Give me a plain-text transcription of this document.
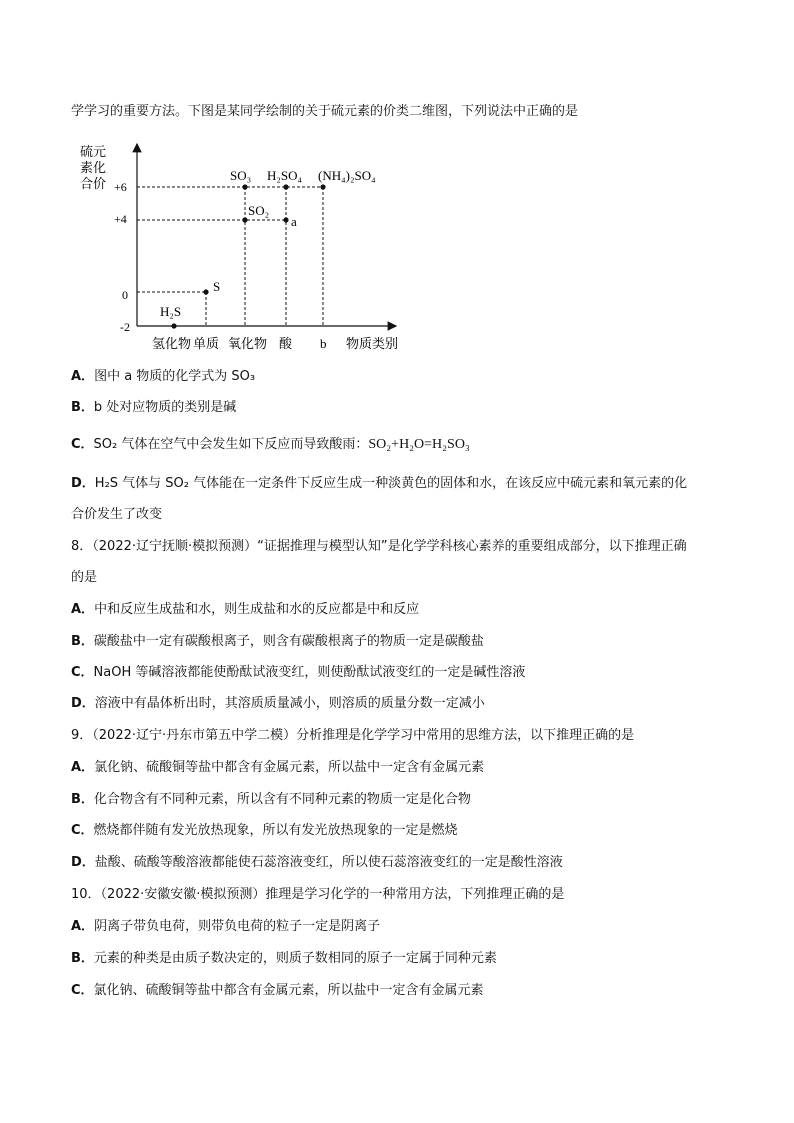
学学习的重要方法。下图是某同学绘制的关于硫元素的价类二维图，下列说法中正确的是
硫元
素化
合价 +6
+4
0
-2
H₂S
S
SO₂
SO₃ H₂SO₄
a
(NH₄)₂SO₄
氢化物 单质 氧化物 酸 b 物质类别
A．图中 a 物质的化学式为 SO₃
B．b 处对应物质的类别是碱
C．SO₂ 气体在空气中会发生如下反应而导致酸雨：SO₂+H₂O=H₂SO₃
D．H₂S 气体与 SO₂ 气体能在一定条件下反应生成一种淡黄色的固体和水，在该反应中硫元素和氧元素的化
合价发生了改变
8．（2022·辽宁抚顺·模拟预测）“证据推理与模型认知”是化学学科核心素养的重要组成部分，以下推理正确
的是
A．中和反应生成盐和水，则生成盐和水的反应都是中和反应
B．碳酸盐中一定有碳酸根离子，则含有碳酸根离子的物质一定是碳酸盐
C．NaOH 等碱溶液都能使酚酞试液变红，则使酚酞试液变红的一定是碱性溶液
D．溶液中有晶体析出时，其溶质质量减小，则溶质的质量分数一定减小
9．（2022·辽宁·丹东市第五中学二模）分析推理是化学学习中常用的思维方法，以下推理正确的是
A．氯化钠、硫酸铜等盐中都含有金属元素，所以盐中一定含有金属元素
B．化合物含有不同种元素，所以含有不同种元素的物质一定是化合物
C．燃烧都伴随有发光放热现象，所以有发光放热现象的一定是燃烧
D．盐酸、硫酸等酸溶液都能使石蕊溶液变红，所以使石蕊溶液变红的一定是酸性溶液
10．（2022·安徽安徽·模拟预测）推理是学习化学的一种常用方法，下列推理正确的是
A．阴离子带负电荷，则带负电荷的粒子一定是阴离子
B．元素的种类是由质子数决定的，则质子数相同的原子一定属于同种元素
C．氯化钠、硫酸铜等盐中都含有金属元素，所以盐中一定含有金属元素
